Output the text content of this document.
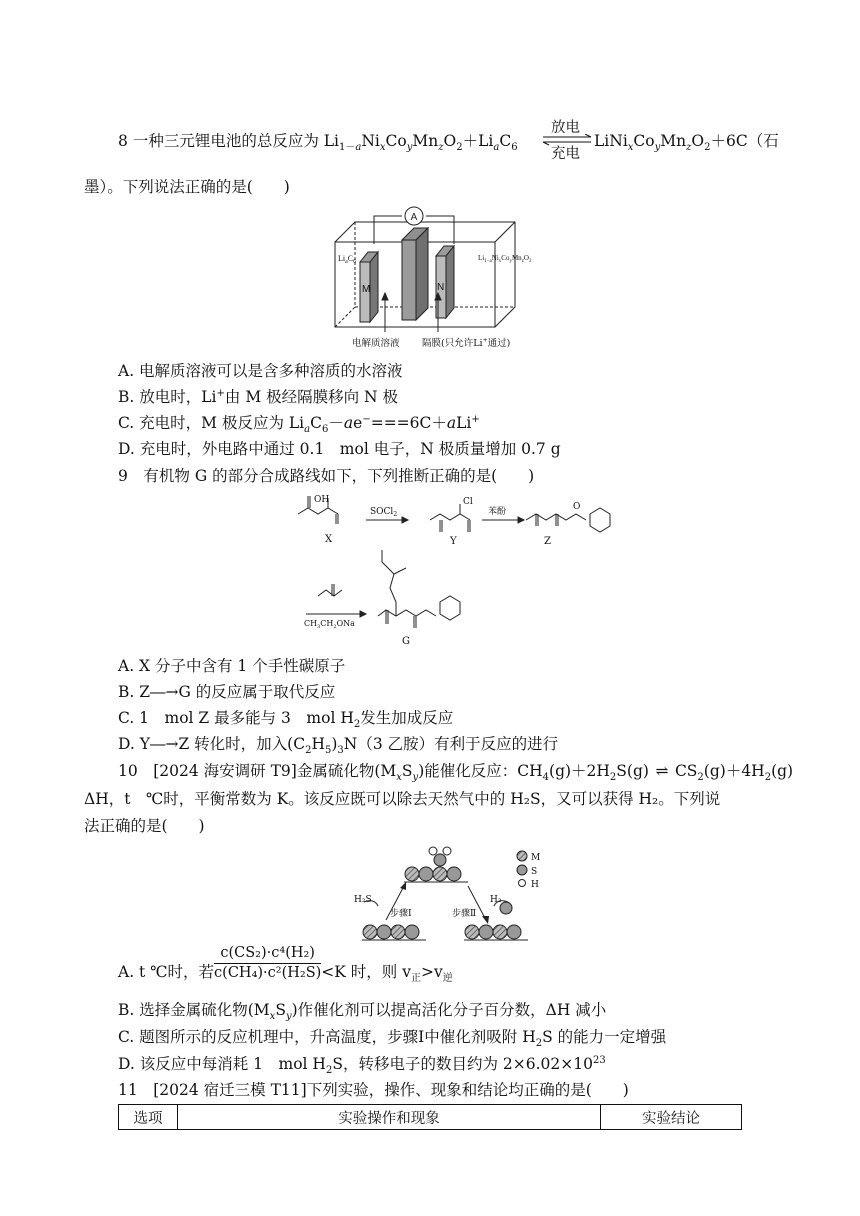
8 一种三元锂电池的总反应为 $Li_{1-a}Ni_xCo_yMn_zO_2+Li_aC_6$
放电
充电
$LiNi_xCo_yMn_zO_2+6C$（石
墨）。下列说法正确的是(　　)
A
M	N
$Li_aC_6$	$Li_{1-a}Ni_xCo_yMn_zO_2$
电解质溶液 隔膜(只允许Li+通过)
A. 电解质溶液可以是含多种溶质的水溶液
B. 放电时，Li+由 M 极经隔膜移向 N 极
C. 充电时，M 极反应为 $Li_aC_6-ae^-===6C+aLi^+$
D. 充电时，外电路中通过 0.1　mol 电子，N 极质量增加 0.7 g
9　 有机物 G 的部分合成路线如下，下列推断正确的是(　　)
OH
X
SOCl$_2$
Cl
Y
苯酚	O
Z
$CH_3CH_2ONa$
G
A. X 分子中含有 1 个手性碳原子
B. Z―→G 的反应属于取代反应
C. 1　mol Z 最多能与 3　mol $H_2$发生加成反应
D. Y―→Z 转化时，加入$(C_2H_5)_3N(3$ 乙胺）有利于反应的进行
10　 [2024 海安调研 T9]金属硫化物$(M_xS_y)$能催化反应：$CH_4(g)+2H_2S(g)$ ⇌ $CS_2(g)+4H_2(g)$
ΔH，t　℃时，平衡常数为 K。该反应既可以除去天然气中的 H₂S，又可以获得 H₂。下列说
法正确的是(　　)
H₂S	H₂
步骤Ⅰ	步骤Ⅱ
M
S
H
A. t ℃时，若 $\frac{\text{c(CS₂)·c⁴(H₂)}}{\text{c(CH₄)·c²(H₂S)}} <K$ 时，则 $v_正>v_逆$
B. 选择金属硫化物$(M_xS_y)$作催化剂可以提高活化分子百分数，ΔH 减小
C. 题图所示的反应机理中，升高温度，步骤Ⅰ中催化剂吸附 $H_2S$ 的能力一定增强
D. 该反应中每消耗 1　mol $H_2S$，转移电子的数目约为 $2\times 6.02\times 10^{23}$
11　 [2024 宿迁三模 T11]下列实验，操作、现象和结论均正确的是(　　)
选项	实验操作和现象	实验结论
